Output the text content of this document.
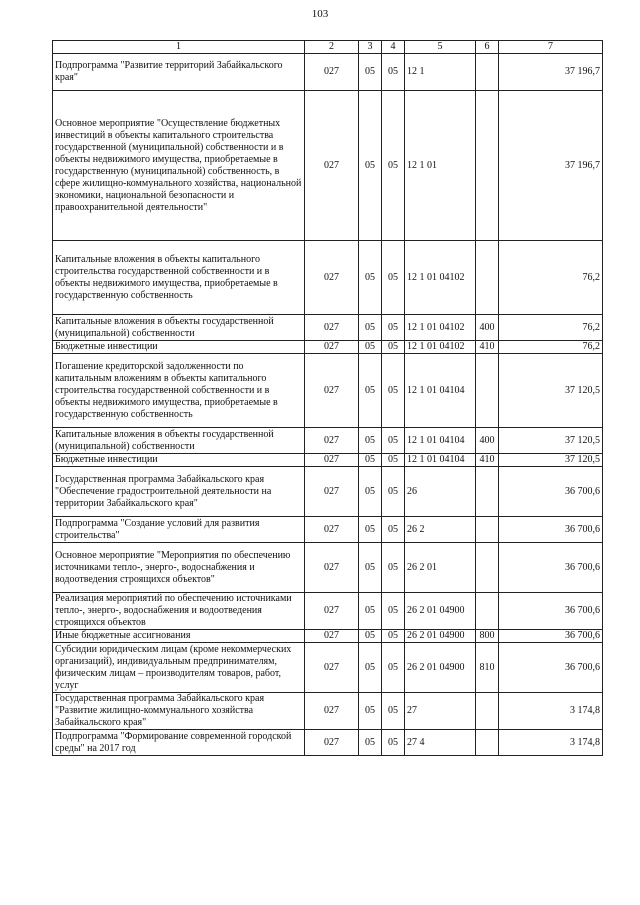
103
1	2	3	4	5	6	7
Подпрограмма "Развитие территорий Забайкальского края"	027	05	05	12 1		37 196,7
Основное мероприятие "Осуществление бюджетных инвестиций в объекты капитального строительства государственной (муниципальной) собственности и в объекты недвижимого имущества, приобретаемые в государственную (муниципальной) собственность, в сфере жилищно-коммунального хозяйства, национальной экономики, национальной безопасности и правоохранительной деятельности"	027	05	05	12 1 01		37 196,7
Капитальные вложения в объекты капитального строительства государственной собственности и в объекты недвижимого имущества, приобретаемые в государственную собственность	027	05	05	12 1 01 04102		76,2
Капитальные вложения в объекты государственной (муниципальной) собственности	027	05	05	12 1 01 04102	400	76,2
Бюджетные инвестиции	027	05	05	12 1 01 04102	410	76,2
Погашение кредиторской задолженности по капитальным вложениям в объекты капитального строительства государственной собственности и в объекты недвижимого имущества, приобретаемые в государственную собственность	027	05	05	12 1 01 04104		37 120,5
Капитальные вложения в объекты государственной (муниципальной) собственности	027	05	05	12 1 01 04104	400	37 120,5
Бюджетные инвестиции	027	05	05	12 1 01 04104	410	37 120,5
Государственная программа Забайкальского края "Обеспечение градостроительной деятельности на территории Забайкальского края"	027	05	05	26		36 700,6
Подпрограмма "Создание условий для развития строительства"	027	05	05	26 2		36 700,6
Основное мероприятие "Мероприятия по обеспечению источниками тепло-, энерго-, водоснабжения и водоотведения строящихся объектов"	027	05	05	26 2 01		36 700,6
Реализация мероприятий по обеспечению источниками тепло-, энерго-, водоснабжения и водоотведения строящихся объектов	027	05	05	26 2 01 04900		36 700,6
Иные бюджетные ассигнования	027	05	05	26 2 01 04900	800	36 700,6
Субсидии юридическим лицам (кроме некоммерческих организаций), индивидуальным предпринимателям, физическим лицам – производителям товаров, работ, услуг	027	05	05	26 2 01 04900	810	36 700,6
Государственная программа Забайкальского края "Развитие жилищно-коммунального хозяйства Забайкальского края"	027	05	05	27		3 174,8
Подпрограмма "Формирование современной городской среды" на 2017 год	027	05	05	27 4		3 174,8
